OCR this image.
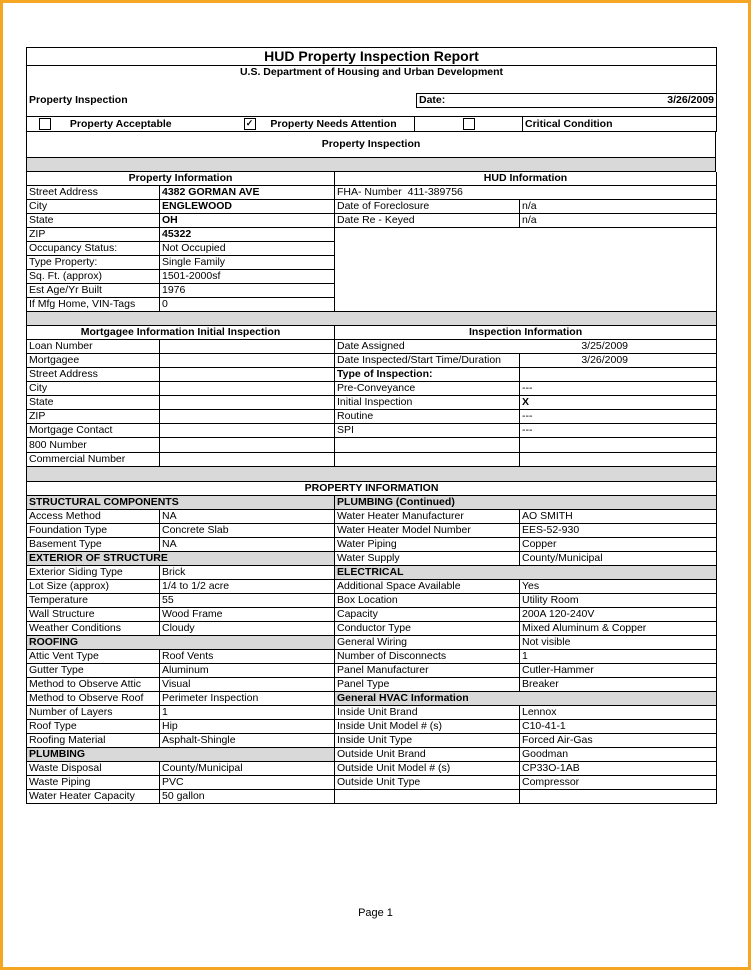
HUD Property Inspection Report
U.S. Department of Housing and Urban Development

Property Inspection	Date:	3/26/2009

Property Acceptable	✓ Property Needs Attention		Critical Condition

Property Inspection

Property Information		HUD Information	
Street Address	4382 GORMAN AVE	FHA- Number 411-389756	
City	ENGLEWOOD	Date of Foreclosure	n/a
State	OH	Date Re - Keyed	n/a
ZIP	45322		
Occupancy Status:	Not Occupied		
Type Property:	Single Family		
Sq. Ft. (approx)	1501-2000sf		
Est Age/Yr Built	1976		
If Mfg Home, VIN-Tags	0		

Mortgagee Information Initial Inspection		Inspection Information	
Loan Number		Date Assigned	3/25/2009
Mortgagee		Date Inspected/Start Time/Duration	3/26/2009
Street Address		Type of Inspection:	
City		Pre-Conveyance	---
State		Initial Inspection	X
ZIP		Routine	---
Mortgage Contact		SPI	---
800 Number			
Commercial Number			

PROPERTY INFORMATION			
STRUCTURAL COMPONENTS		PLUMBING (Continued)	
Access Method	NA	Water Heater Manufacturer	AO SMITH
Foundation Type	Concrete Slab	Water Heater Model Number	EES-52-930
Basement Type	NA	Water Piping	Copper
EXTERIOR OF STRUCTURE		Water Supply	County/Municipal
Exterior Siding Type	Brick	ELECTRICAL	
Lot Size (approx)	1/4 to 1/2 acre	Additional Space Available	Yes
Temperature	55	Box Location	Utility Room
Wall Structure	Wood Frame	Capacity	200A 120-240V
Weather Conditions	Cloudy	Conductor Type	Mixed Aluminum & Copper
ROOFING		General Wiring	Not visible
Attic Vent Type	Roof Vents	Number of Disconnects	1
Gutter Type	Aluminum	Panel Manufacturer	Cutler-Hammer
Method to Observe Attic	Visual	Panel Type	Breaker
Method to Observe Roof	Perimeter Inspection	General HVAC Information	
Number of Layers	1	Inside Unit Brand	Lennox
Roof Type	Hip	Inside Unit Model # (s)	C10-41-1
Roofing Material	Asphalt-Shingle	Inside Unit Type	Forced Air-Gas
PLUMBING		Outside Unit Brand	Goodman
Waste Disposal	County/Municipal	Outside Unit Model # (s)	CP33O-1AB
Waste Piping	PVC	Outside Unit Type	Compressor
Water Heater Capacity	50 gallon		
Page 1
